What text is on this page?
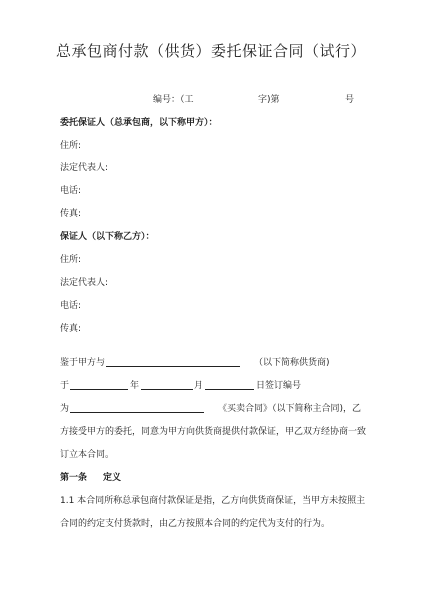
总承包商付款（供货）委托保证合同（试行）
编号：（工	字)第	号
委托保证人（总承包商，以下称甲方）：
住所:
法定代表人:
电话:
传真:
保证人（以下称乙方）：
住所:
法定代表人:
电话:
传真:
鉴于甲方与	（以下简称供货商)
于	年	月	日签订编号
为	《买卖合同》（以下简称主合同)，乙
方接受甲方的委托，同意为甲方向供货商提供付款保证，甲乙双方经协商一致
订立本合同。
第一条 定义
1.1 本合同所称总承包商付款保证是指，乙方向供货商保证，当甲方未按照主
合同的约定支付货款时，由乙方按照本合同的约定代为支付的行为。
